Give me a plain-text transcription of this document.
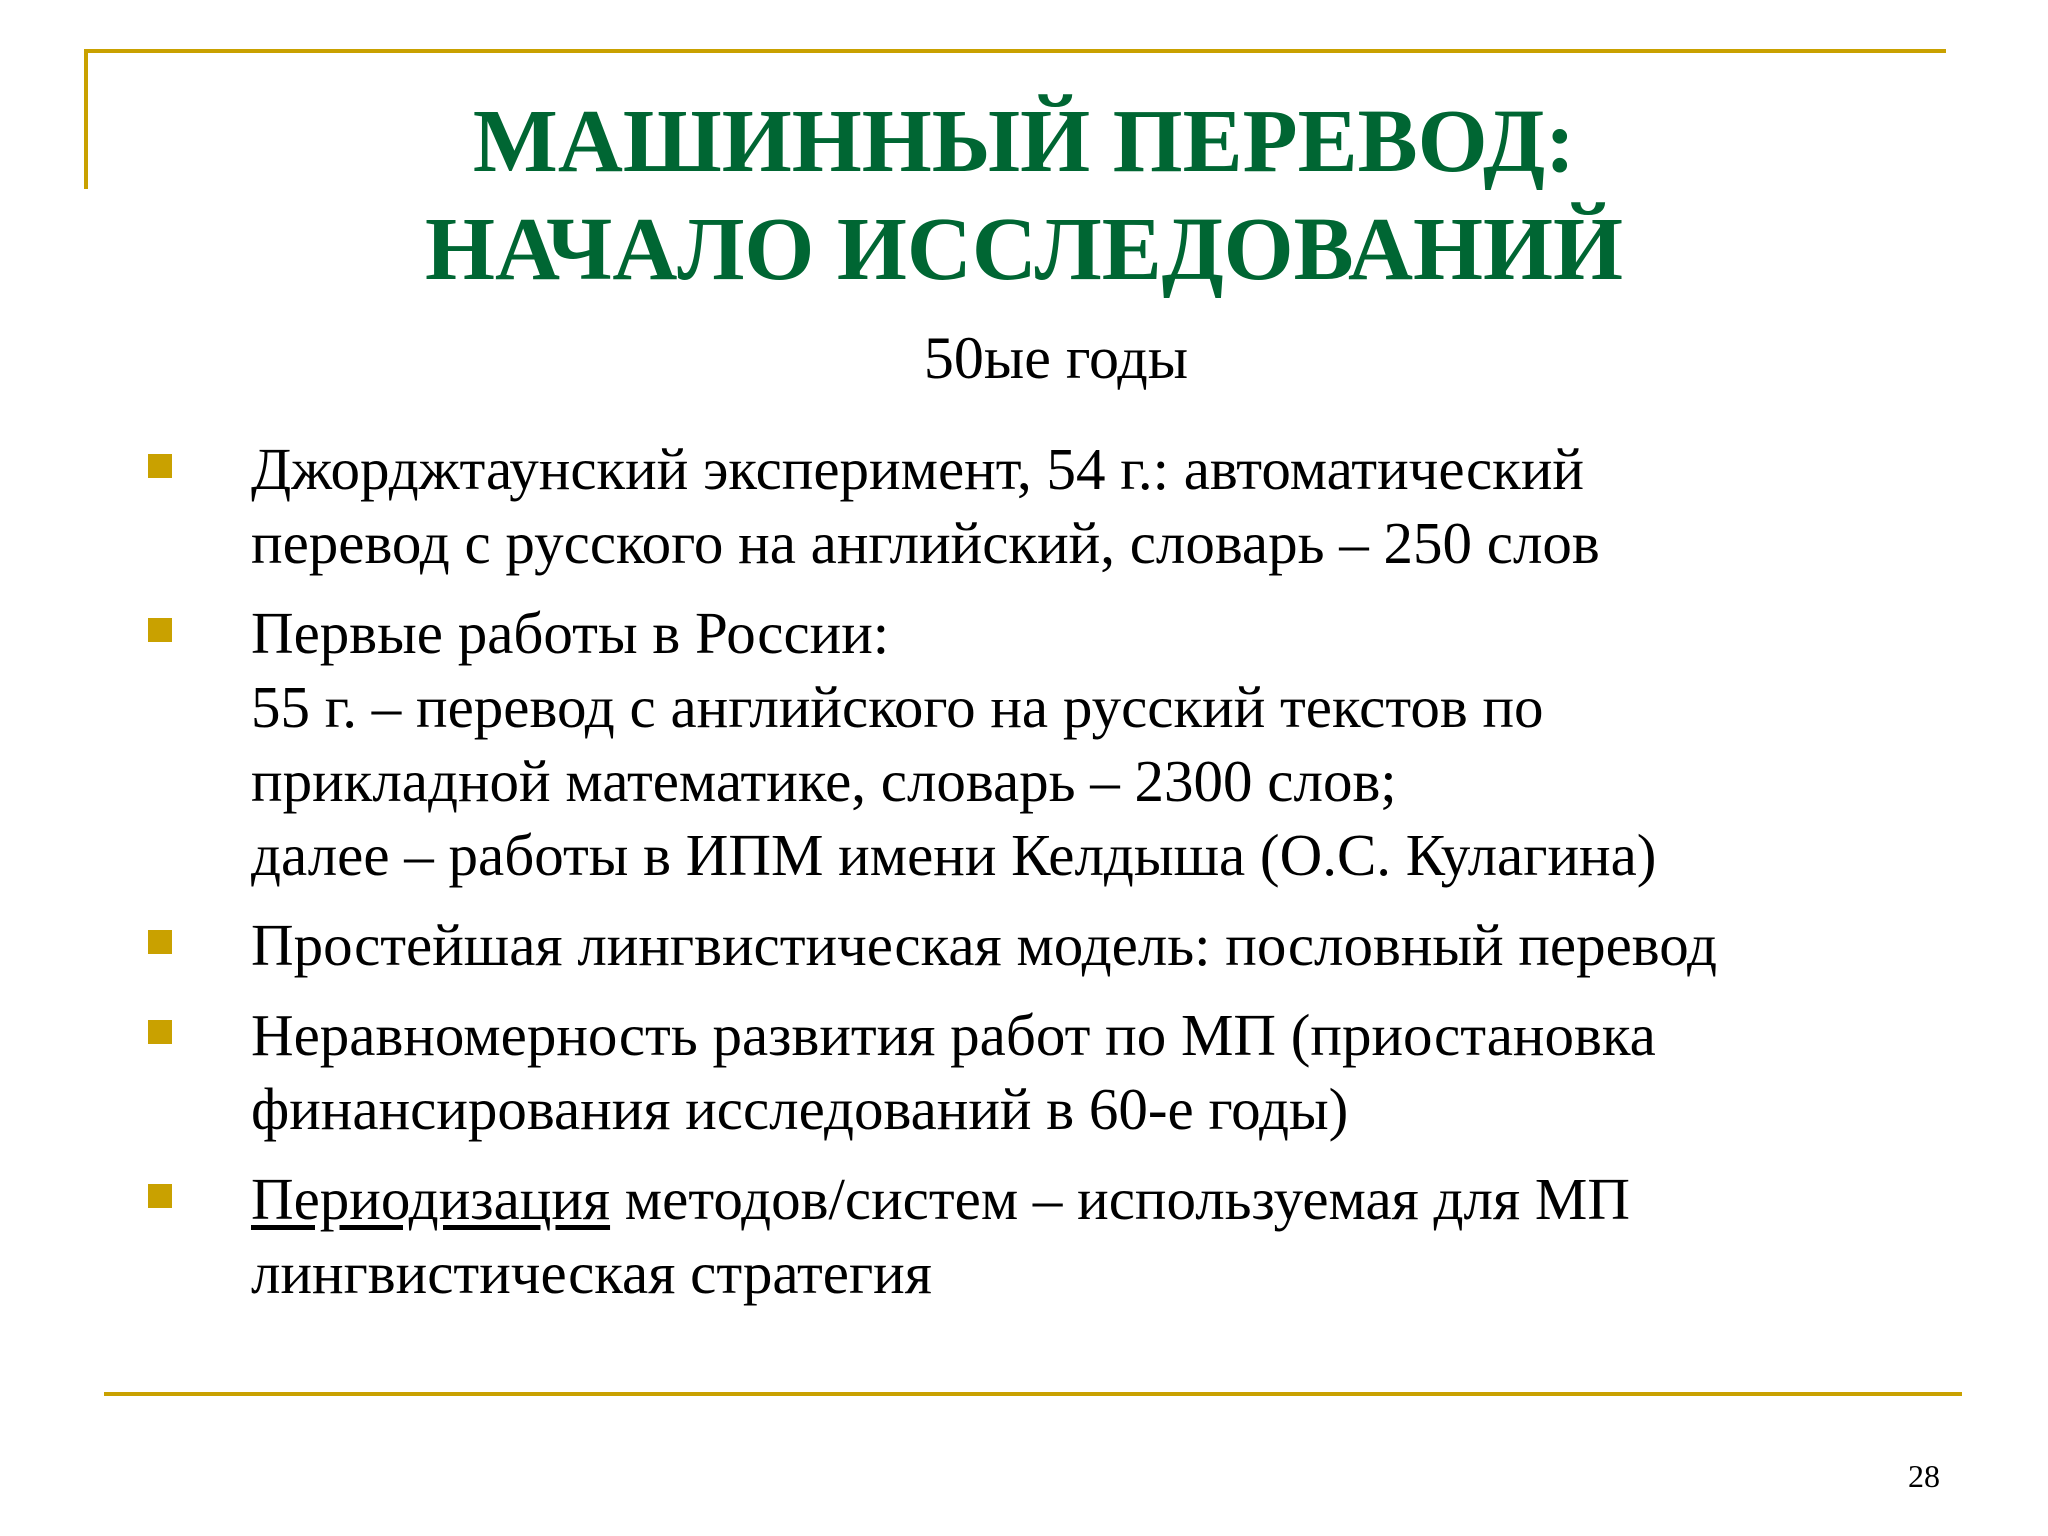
МАШИННЫЙ ПЕРЕВОД:
НАЧАЛО ИССЛЕДОВАНИЙ
50ые годы
Джорджтаунский эксперимент, 54 г.: автоматический
перевод с русского на английский, словарь – 250 слов
Первые работы в России:
55 г. – перевод с английского на русский текстов по
прикладной математике, словарь – 2300 слов;
далее – работы в ИПМ имени Келдыша (О.С. Кулагина)
Простейшая лингвистическая модель: пословный перевод
Неравномерность развития работ по МП (приостановка
финансирования исследований в 60-е годы)
Периодизация методов/систем – используемая для МП
лингвистическая стратегия
28
